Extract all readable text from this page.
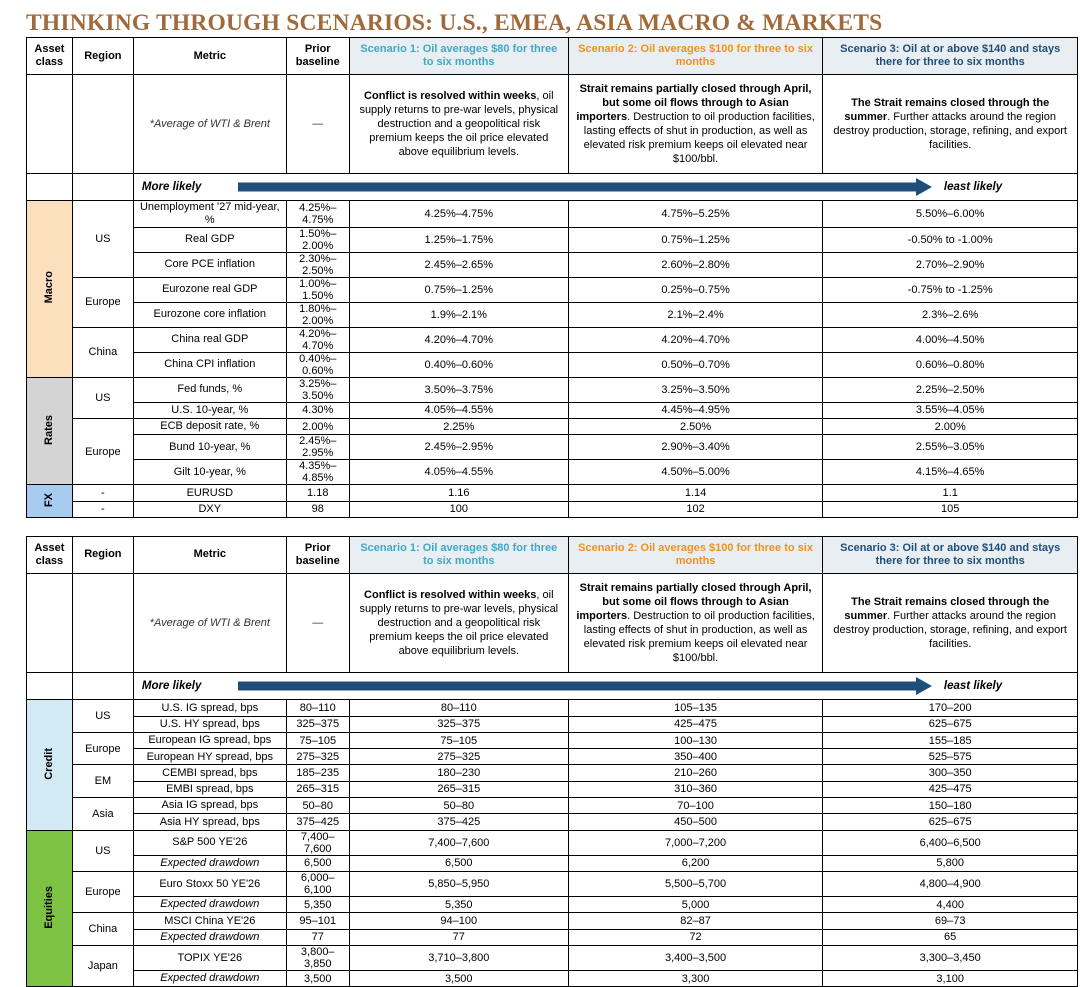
THINKING THROUGH SCENARIOS: U.S., EMEA, ASIA MACRO & MARKETS
Asset class	Region	Metric	Prior baseline	Scenario 1: Oil averages $80 for three to six months	Scenario 2: Oil averages $100 for three to six months	Scenario 3: Oil at or above $140 and stays there for three to six months
		*Average of WTI & Brent	—	Conflict is resolved within weeks, oil supply returns to pre-war levels, physical destruction and a geopolitical risk premium keeps the oil price elevated above equilibrium levels.	Strait remains partially closed through April, but some oil flows through to Asian importers. Destruction to oil production facilities, lasting effects of shut in production, as well as elevated risk premium keeps oil elevated near $100/bbl.	The Strait remains closed through the summer. Further attacks around the region destroy production, storage, refining, and export facilities.

		More likely least likely				

Macro	US	Unemployment '27 mid-year, %	4.25%–4.75%	4.25%–4.75%	4.75%–5.25%	5.50%–6.00%
		Real GDP	1.50%–2.00%	1.25%–1.75%	0.75%–1.25%	-0.50% to -1.00%
		Core PCE inflation	2.30%–2.50%	2.45%–2.65%	2.60%–2.80%	2.70%–2.90%
	Europe	Eurozone real GDP	1.00%–1.50%	0.75%–1.25%	0.25%–0.75%	-0.75% to -1.25%
		Eurozone core inflation	1.80%–2.00%	1.9%–2.1%	2.1%–2.4%	2.3%–2.6%
	China	China real GDP	4.20%–4.70%	4.20%–4.70%	4.20%–4.70%	4.00%–4.50%
		China CPI inflation	0.40%–0.60%	0.40%–0.60%	0.50%–0.70%	0.60%–0.80%
Rates	US	Fed funds, %	3.25%–3.50%	3.50%–3.75%	3.25%–3.50%	2.25%–2.50%
		U.S. 10-year, %	4.30%	4.05%–4.55%	4.45%–4.95%	3.55%–4.05%
	Europe	ECB deposit rate, %	2.00%	2.25%	2.50%	2.00%
		Bund 10-year, %	2.45%–2.95%	2.45%–2.95%	2.90%–3.40%	2.55%–3.05%
		Gilt 10-year, %	4.35%–4.85%	4.05%–4.55%	4.50%–5.00%	4.15%–4.65%
FX	-	EURUSD	1.18	1.16	1.14	1.1
	-	DXY	98	100	102	105
Asset class	Region	Metric	Prior baseline	Scenario 1: Oil averages $80 for three to six months	Scenario 2: Oil averages $100 for three to six months	Scenario 3: Oil at or above $140 and stays there for three to six months
		*Average of WTI & Brent	—	Conflict is resolved within weeks, oil supply returns to pre-war levels, physical destruction and a geopolitical risk premium keeps the oil price elevated above equilibrium levels.	Strait remains partially closed through April, but some oil flows through to Asian importers. Destruction to oil production facilities, lasting effects of shut in production, as well as elevated risk premium keeps oil elevated near $100/bbl.	The Strait remains closed through the summer. Further attacks around the region destroy production, storage, refining, and export facilities.

		More likely least likely				

Credit	US	U.S. IG spread, bps	80–110	80–110	105–135	170–200
		U.S. HY spread, bps	325–375	325–375	425–475	625–675
	Europe	European IG spread, bps	75–105	75–105	100–130	155–185
		European HY spread, bps	275–325	275–325	350–400	525–575
	EM	CEMBI spread, bps	185–235	180–230	210–260	300–350
		EMBI spread, bps	265–315	265–315	310–360	425–475
	Asia	Asia IG spread, bps	50–80	50–80	70–100	150–180
		Asia HY spread, bps	375–425	375–425	450–500	625–675
Equities	US	S&P 500 YE'26	7,400–7,600	7,400–7,600	7,000–7,200	6,400–6,500
		Expected drawdown	6,500	6,500	6,200	5,800
	Europe	Euro Stoxx 50 YE'26	6,000–6,100	5,850–5,950	5,500–5,700	4,800–4,900
		Expected drawdown	5,350	5,350	5,000	4,400
	China	MSCI China YE'26	95–101	94–100	82–87	69–73
		Expected drawdown	77	77	72	65
	Japan	TOPIX YE'26	3,800–3,850	3,710–3,800	3,400–3,500	3,300–3,450
		Expected drawdown	3,500	3,500	3,300	3,100
